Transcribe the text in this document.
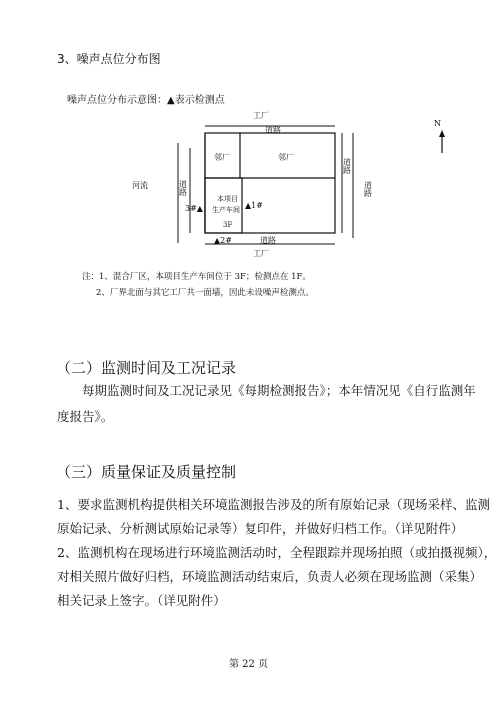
3、噪声点位分布图
噪声点位分布示意图：▲表示检测点
工厂
道路
N
邻厂	邻厂
河流
本项目
生产车间
3F
3#▲	▲1#
▲2#	道路
工厂
道路
道路
道路
注：1、混合厂区，本项目生产车间位于 3F；检测点在 1F。
2、厂界北面与其它工厂共一面墙，因此未设噪声检测点。
（二）监测时间及工况记录
每期监测时间及工况记录见《每期检测报告》；本年情况见《自行监测年
度报告》。
（三）质量保证及质量控制
1、要求监测机构提供相关环境监测报告涉及的所有原始记录（现场采样、监测
原始记录、分析测试原始记录等）复印件，并做好归档工作。（详见附件）
2、监测机构在现场进行环境监测活动时，全程跟踪并现场拍照（或拍摄视频），
对相关照片做好归档，环境监测活动结束后，负责人必须在现场监测（采集）
相关记录上签字。（详见附件）
第 22 页
